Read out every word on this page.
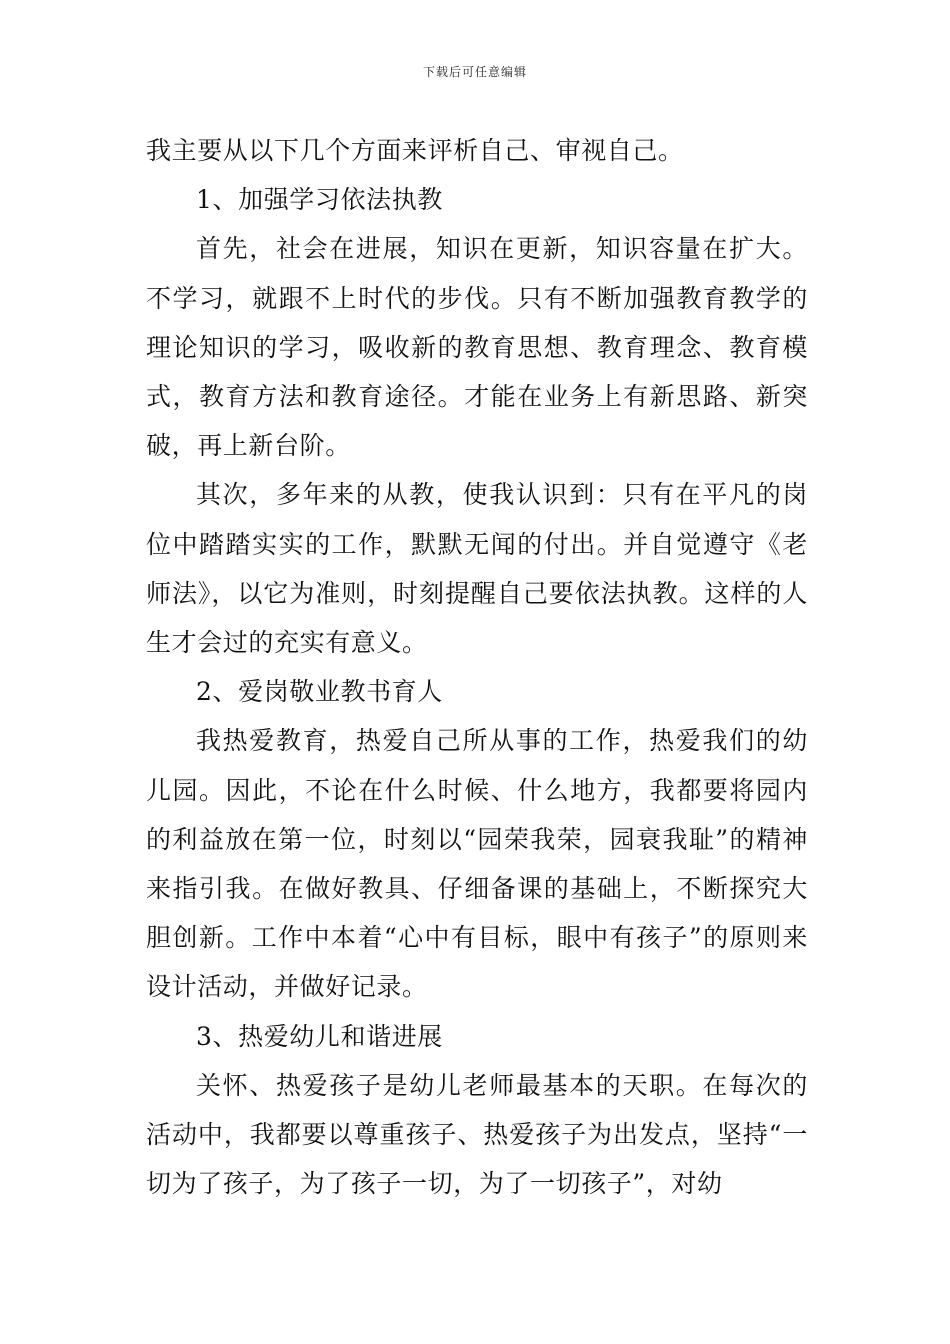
下载后可任意编辑

我主要从以下几个方面来评析自己、审视自己。

1、加强学习依法执教

首先，社会在进展，知识在更新，知识容量在扩大。不学习，就跟不上时代的步伐。只有不断加强教育教学的理论知识的学习，吸收新的教育思想、教育理念、教育模式，教育方法和教育途径。才能在业务上有新思路、新突破，再上新台阶。

其次，多年来的从教，使我认识到：只有在平凡的岗位中踏踏实实的工作，默默无闻的付出。并自觉遵守《老师法》，以它为准则，时刻提醒自己要依法执教。这样的人生才会过的充实有意义。

2、爱岗敬业教书育人

我热爱教育，热爱自己所从事的工作，热爱我们的幼儿园。因此，不论在什么时候、什么地方，我都要将园内的利益放在第一位，时刻以“园荣我荣，园衰我耻”的精神来指引我。在做好教具、仔细备课的基础上，不断探究大胆创新。工作中本着“心中有目标，眼中有孩子”的原则来设计活动，并做好记录。

3、热爱幼儿和谐进展

关怀、热爱孩子是幼儿老师最基本的天职。在每次的活动中，我都要以尊重孩子、热爱孩子为出发点，坚持“一切为了孩子，为了孩子一切，为了一切孩子”，对幼
